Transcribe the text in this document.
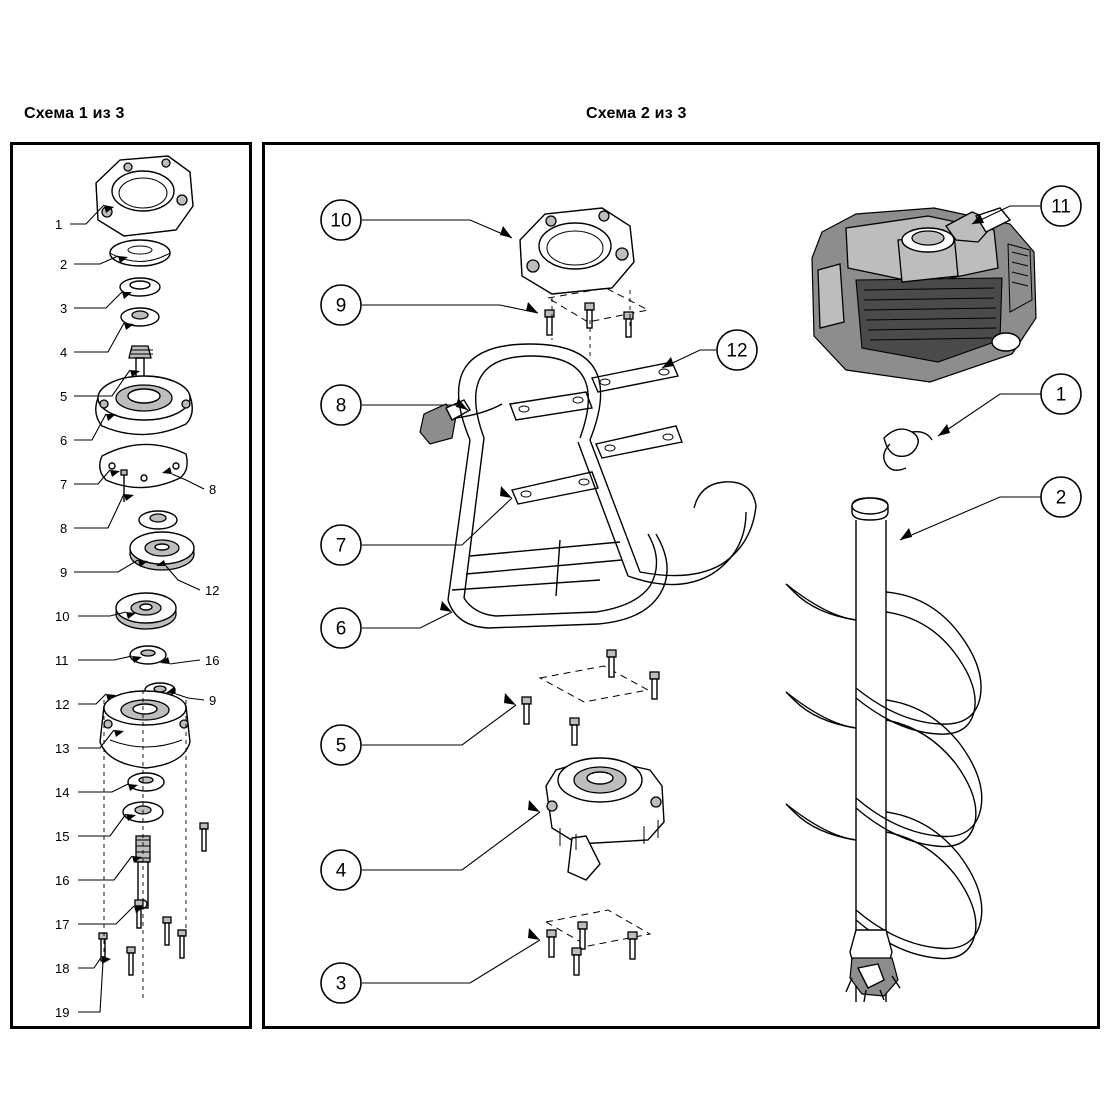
Схема 1 из 3	Схема 2 из 3
1
2
3
4
5
6
7
8
9
10
11
12
13
14
15
16
17
18
19
8
12
16
9
10
9
12
8
7
6
5
4
3
11
1
2
